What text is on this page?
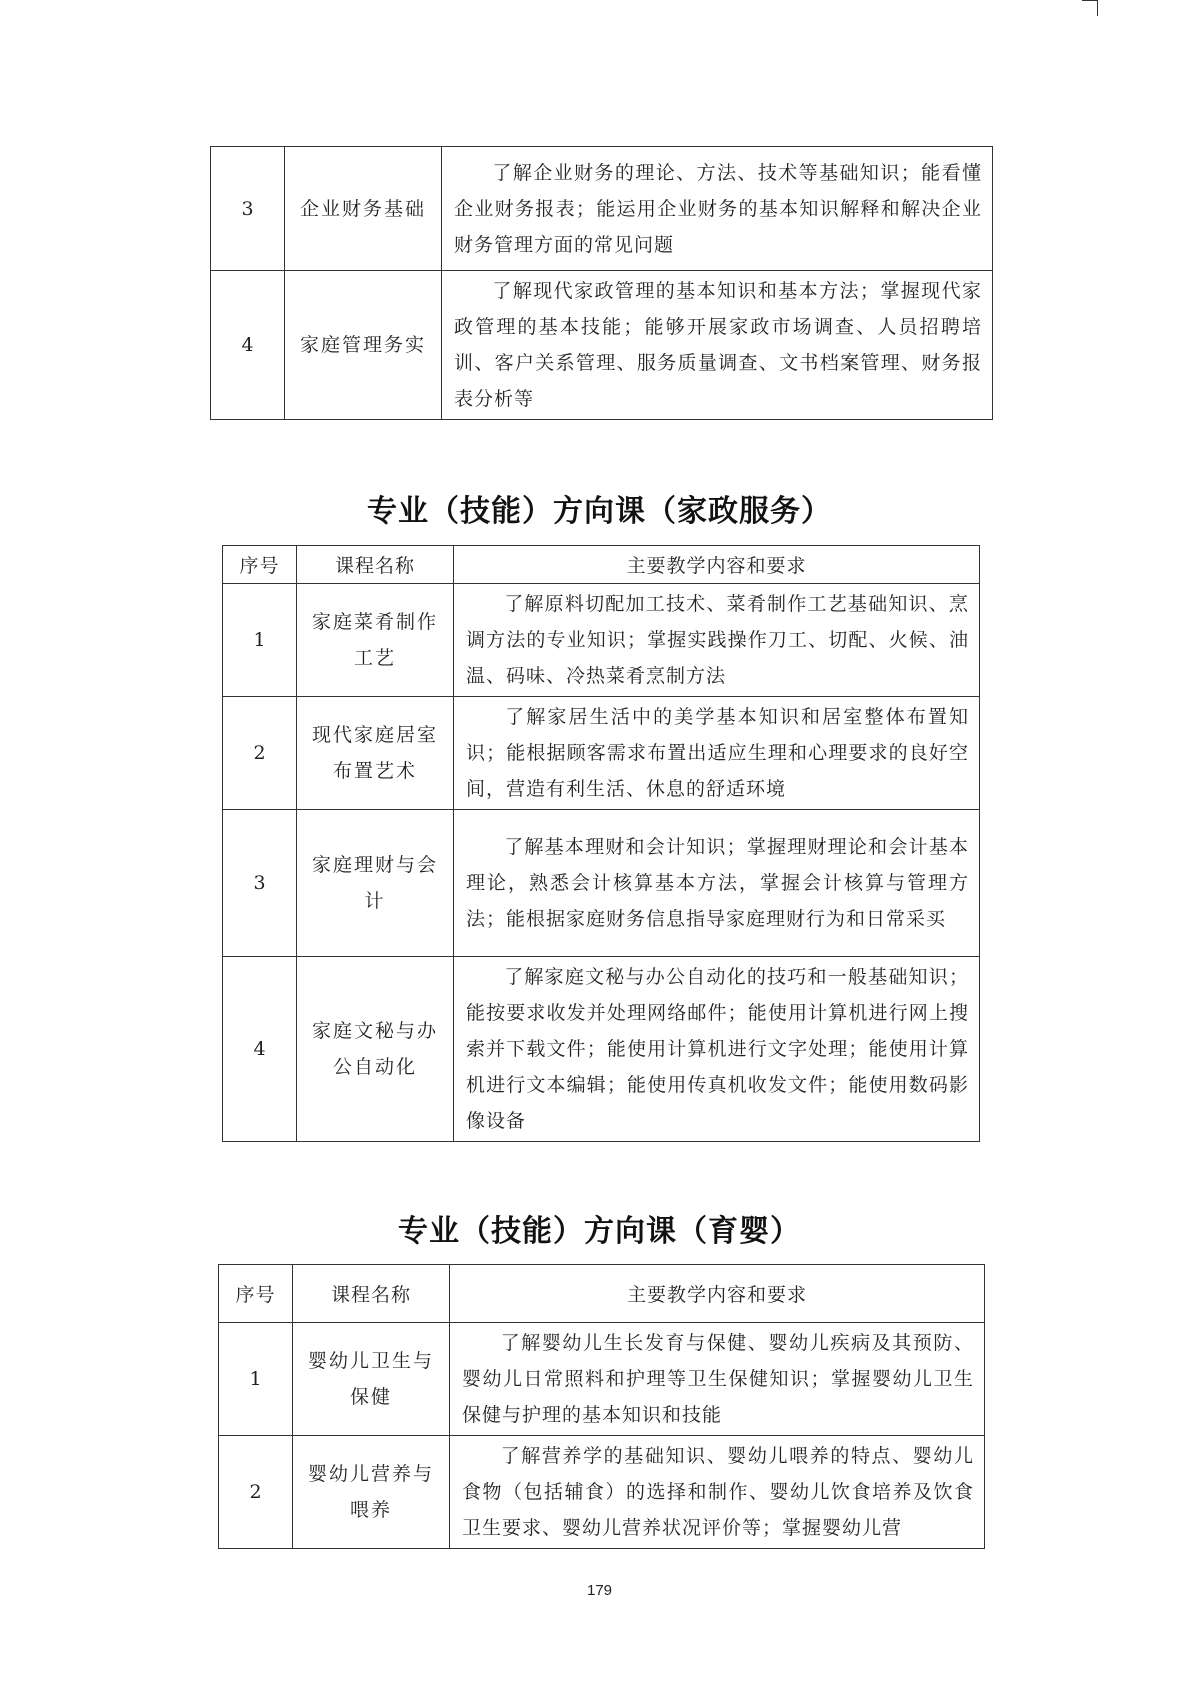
3	企业财务基础	了解企业财务的理论、方法、技术等基础知识；能看懂企业财务报表；能运用企业财务的基本知识解释和解决企业财务管理方面的常见问题

4	家庭管理务实	了解现代家政管理的基本知识和基本方法；掌握现代家政管理的基本技能；能够开展家政市场调查、人员招聘培训、客户关系管理、服务质量调查、文书档案管理、财务报表分析等
专业（技能）方向课（家政服务）
序号	课程名称	主要教学内容和要求
1	家庭菜肴制作工艺	了解原料切配加工技术、菜肴制作工艺基础知识、烹调方法的专业知识；掌握实践操作刀工、切配、火候、油温、码味、冷热菜肴烹制方法

2	现代家庭居室布置艺术	了解家居生活中的美学基本知识和居室整体布置知识；能根据顾客需求布置出适应生理和心理要求的良好空间，营造有利生活、休息的舒适环境

3	家庭理财与会计	了解基本理财和会计知识；掌握理财理论和会计基本理论，熟悉会计核算基本方法，掌握会计核算与管理方法；能根据家庭财务信息指导家庭理财行为和日常采买

4	家庭文秘与办公自动化	了解家庭文秘与办公自动化的技巧和一般基础知识；能按要求收发并处理网络邮件；能使用计算机进行网上搜索并下载文件；能使用计算机进行文字处理；能使用计算机进行文本编辑；能使用传真机收发文件；能使用数码影像设备
专业（技能）方向课（育婴）
序号	课程名称	主要教学内容和要求
1	婴幼儿卫生与保健	了解婴幼儿生长发育与保健、婴幼儿疾病及其预防、婴幼儿日常照料和护理等卫生保健知识；掌握婴幼儿卫生保健与护理的基本知识和技能

2	婴幼儿营养与喂养	了解营养学的基础知识、婴幼儿喂养的特点、婴幼儿食物（包括辅食）的选择和制作、婴幼儿饮食培养及饮食卫生要求、婴幼儿营养状况评价等；掌握婴幼儿营
179
